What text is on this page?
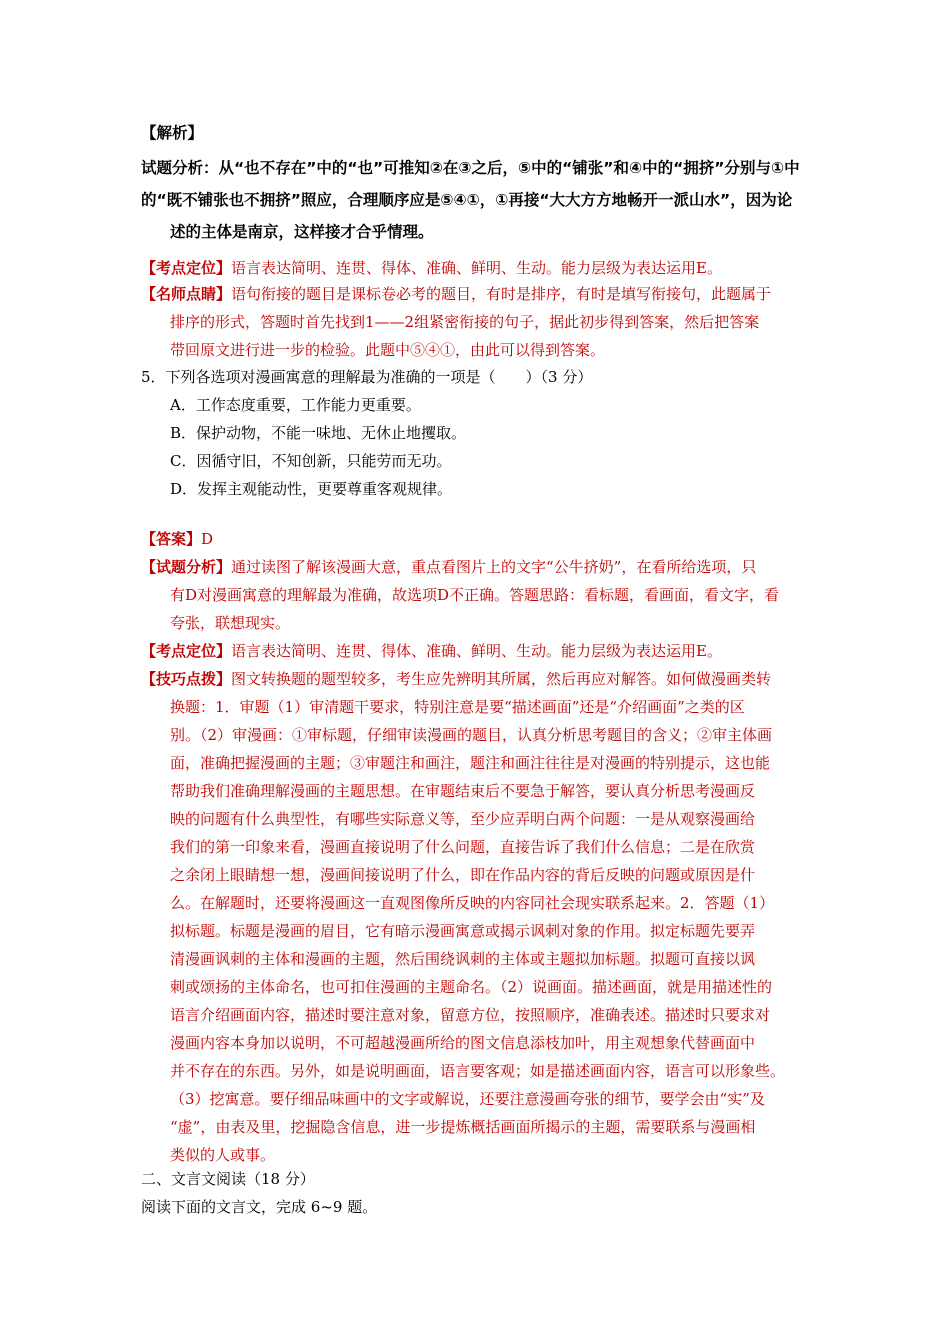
【解析】
试题分析：从“也不存在”中的“也”可推知②在③之后，⑤中的“铺张”和④中的“拥挤”分别与①中
的“既不铺张也不拥挤”照应，合理顺序应是⑤④①，①再接“大大方方地畅开一派山水”，因为论
述的主体是南京，这样接才合乎情理。
【考点定位】语言表达简明、连贯、得体、准确、鲜明、生动。能力层级为表达运用E。
【名师点睛】语句衔接的题目是课标卷必考的题目，有时是排序，有时是填写衔接句，此题属于
排序的形式，答题时首先找到1——2组紧密衔接的句子，据此初步得到答案，然后把答案
带回原文进行进一步的检验。此题中⑤④①，由此可以得到答案。
5．下列各选项对漫画寓意的理解最为准确的一项是（　　）（3 分）
A．工作态度重要，工作能力更重要。
B．保护动物，不能一味地、无休止地攫取。
C．因循守旧，不知创新，只能劳而无功。
D．发挥主观能动性，更要尊重客观规律。
【答案】D
【试题分析】通过读图了解该漫画大意，重点看图片上的文字“公牛挤奶”，在看所给选项，只
有D对漫画寓意的理解最为准确，故选项D不正确。答题思路：看标题，看画面，看文字，看
夸张，联想现实。
【考点定位】语言表达简明、连贯、得体、准确、鲜明、生动。能力层级为表达运用E。
【技巧点拨】图文转换题的题型较多，考生应先辨明其所属，然后再应对解答。如何做漫画类转
换题：1．审题（1）审清题干要求，特别注意是要“描述画面”还是“介绍画面”之类的区
别。（2）审漫画：①审标题，仔细审读漫画的题目，认真分析思考题目的含义；②审主体画
面，准确把握漫画的主题；③审题注和画注，题注和画注往往是对漫画的特别提示，这也能
帮助我们准确理解漫画的主题思想。在审题结束后不要急于解答，要认真分析思考漫画反
映的问题有什么典型性，有哪些实际意义等，至少应弄明白两个问题：一是从观察漫画给
我们的第一印象来看，漫画直接说明了什么问题，直接告诉了我们什么信息；二是在欣赏
之余闭上眼睛想一想，漫画间接说明了什么，即在作品内容的背后反映的问题或原因是什
么。在解题时，还要将漫画这一直观图像所反映的内容同社会现实联系起来。2．答题（1）
拟标题。标题是漫画的眉目，它有暗示漫画寓意或揭示讽刺对象的作用。拟定标题先要弄
清漫画讽刺的主体和漫画的主题，然后围绕讽刺的主体或主题拟加标题。拟题可直接以讽
刺或颂扬的主体命名，也可扣住漫画的主题命名。（2）说画面。描述画面，就是用描述性的
语言介绍画面内容，描述时要注意对象，留意方位，按照顺序，准确表述。描述时只要求对
漫画内容本身加以说明，不可超越漫画所给的图文信息添枝加叶，用主观想象代替画面中
并不存在的东西。另外，如是说明画面，语言要客观；如是描述画面内容，语言可以形象些。
（3）挖寓意。要仔细品味画中的文字或解说，还要注意漫画夸张的细节，要学会由“实”及
“虚”，由表及里，挖掘隐含信息，进一步提炼概括画面所揭示的主题，需要联系与漫画相
类似的人或事。
二、文言文阅读（18 分）
阅读下面的文言文，完成 6~9 题。
